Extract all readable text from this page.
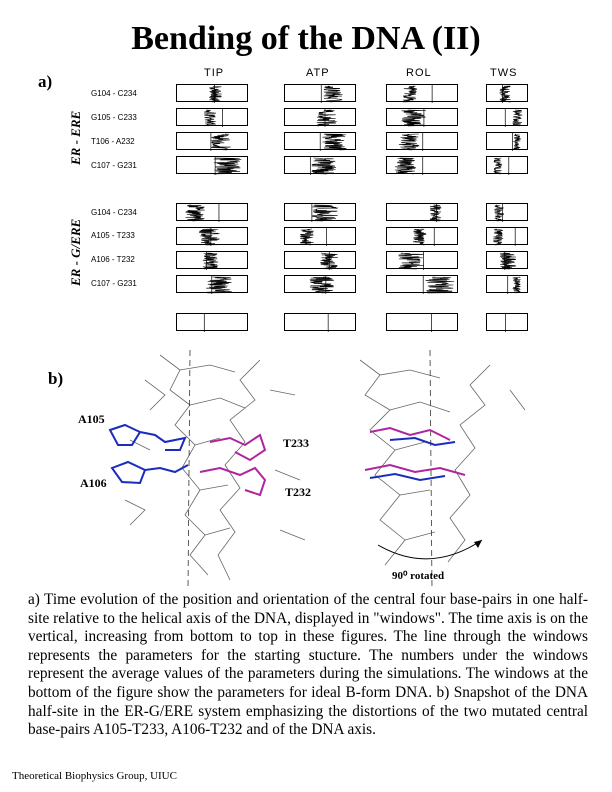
Bending of the DNA (II)
a)
b)
TIP	ATP	ROL	TWS
ER - ERE
ER - G/ERE
G104 - C234
G105 - C233
T106 - A232
C107 - G231
G104 - C234
A105 - T233
A106 - T232
C107 - G231
A105
A106
T233
T232
90⁰ rotated
a) Time evolution of the position and orientation of the central four base-pairs in one half-site relative to the helical axis of the DNA, displayed in "windows". The time axis is on the vertical, increasing from bottom to top in these figures. The line through the windows represents the parameters for the starting stucture. The numbers under the windows represent the average values of the parameters during the simulations. The windows at the bottom of the figure show the parameters for ideal B-form DNA. b) Snapshot of the DNA half-site in the ER-G/ERE system emphasizing the distortions of the two mutated central base-pairs A105-T233, A106-T232 and of the DNA axis.
Theoretical Biophysics Group, UIUC
